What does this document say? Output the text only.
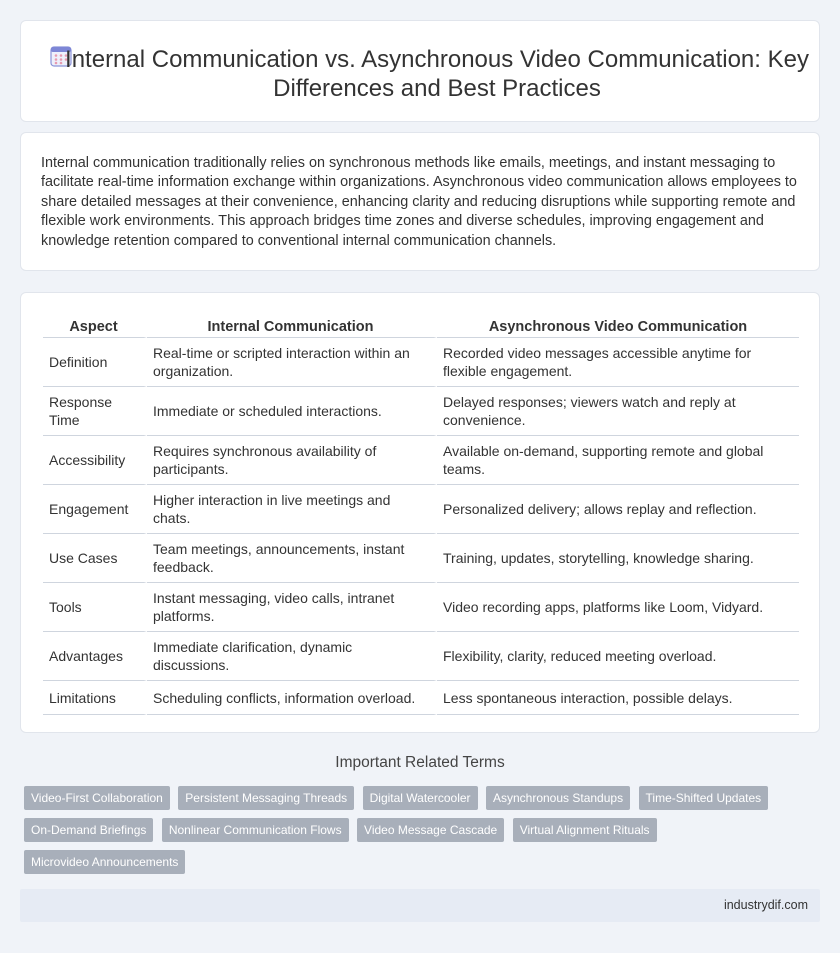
Internal Communication vs. Asynchronous Video Communication: Key Differences and Best Practices

Internal communication traditionally relies on synchronous methods like emails, meetings, and instant messaging to facilitate real-time information exchange within organizations. Asynchronous video communication allows employees to share detailed messages at their convenience, enhancing clarity and reducing disruptions while supporting remote and flexible work environments. This approach bridges time zones and diverse schedules, improving engagement and knowledge retention compared to conventional internal communication channels.

Aspect	Internal Communication	Asynchronous Video Communication
Definition	Real-time or scripted interaction within an organization.	Recorded video messages accessible anytime for flexible engagement.
Response Time	Immediate or scheduled interactions.	Delayed responses; viewers watch and reply at convenience.
Accessibility	Requires synchronous availability of participants.	Available on-demand, supporting remote and global teams.
Engagement	Higher interaction in live meetings and chats.	Personalized delivery; allows replay and reflection.
Use Cases	Team meetings, announcements, instant feedback.	Training, updates, storytelling, knowledge sharing.
Tools	Instant messaging, video calls, intranet platforms.	Video recording apps, platforms like Loom, Vidyard.
Advantages	Immediate clarification, dynamic discussions.	Flexibility, clarity, reduced meeting overload.
Limitations	Scheduling conflicts, information overload.	Less spontaneous interaction, possible delays.
Important Related Terms
Video-First Collaboration Persistent Messaging Threads Digital Watercooler Asynchronous Standups Time-Shifted Updates On-Demand Briefings Nonlinear Communication Flows Video Message Cascade Virtual Alignment Rituals Microvideo Announcements
industrydif.com
